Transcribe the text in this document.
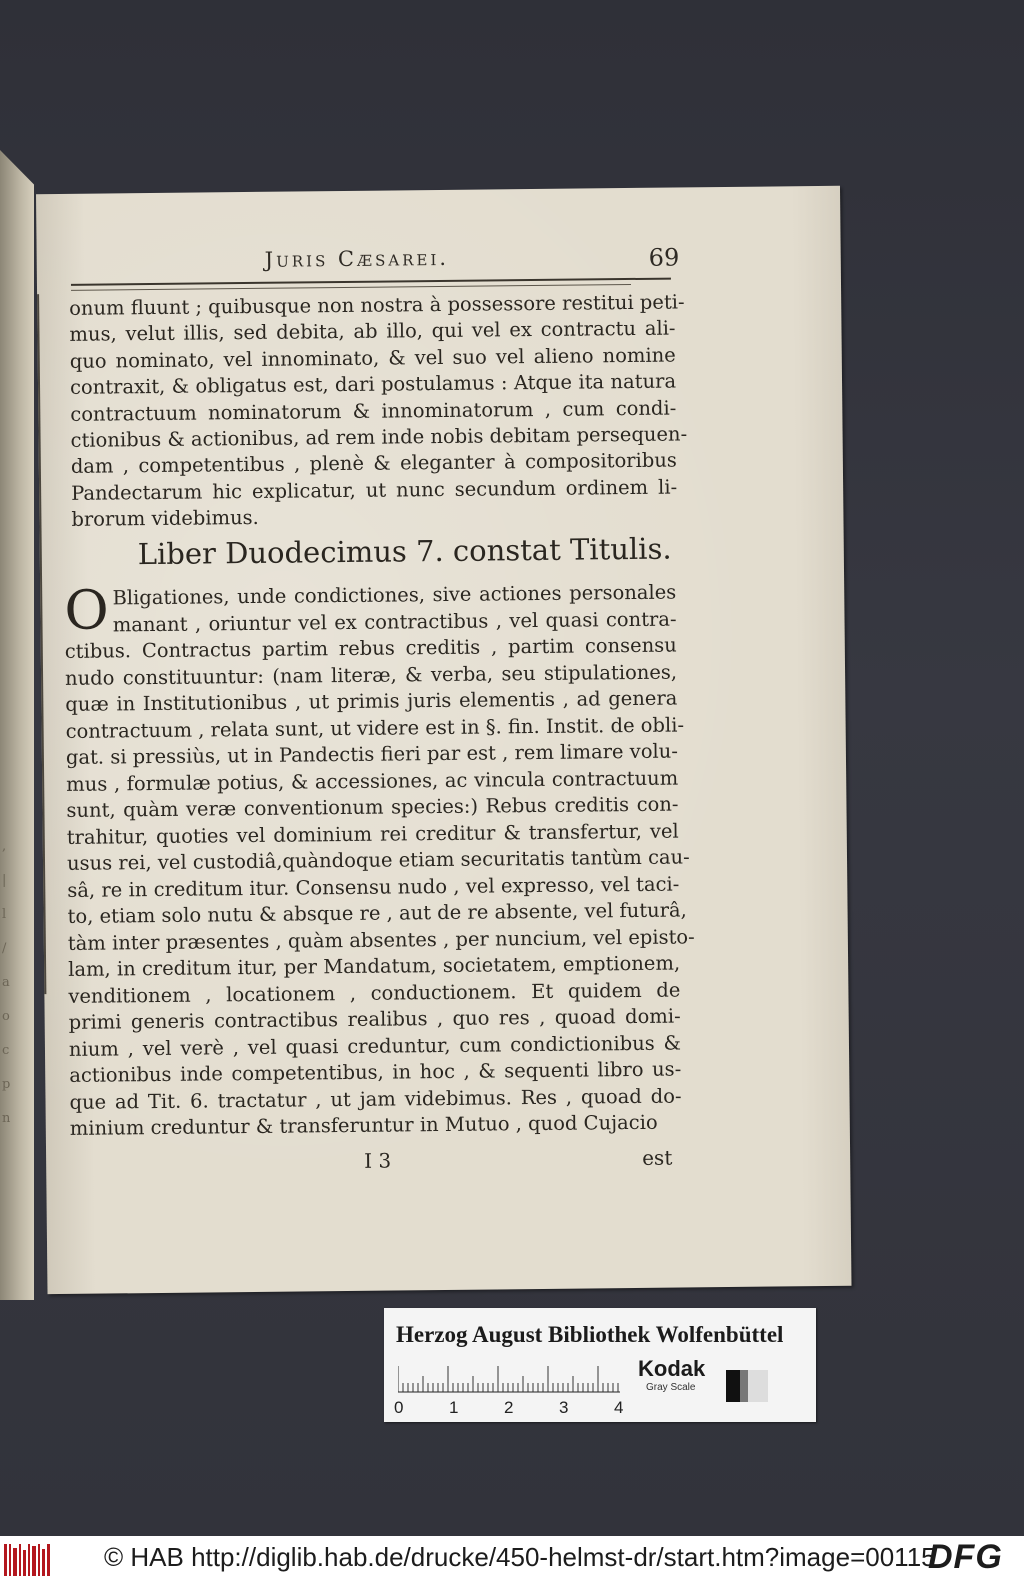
,
|
l
/
a
o
c
p
n
Juris Cæsarei.	69
onum fluunt ; quibusque non nostra à possessore restitui peti-
mus, velut illis, sed debita, ab illo, qui vel ex contractu ali-
quo nominato, vel innominato, & vel suo vel alieno nomine
contraxit, & obligatus est, dari postulamus : Atque ita natura
contractuum nominatorum & innominatorum , cum condi-
ctionibus & actionibus, ad rem inde nobis debitam persequen-
dam , competentibus , plenè & eleganter à compositoribus
Pandectarum hic explicatur, ut nunc secundum ordinem li-
brorum videbimus.
Liber Duodecimus 7. constat Titulis.
O Bligationes, unde condictiones, sive actiones personales
manant , oriuntur vel ex contractibus , vel quasi contra-
ctibus. Contractus partim rebus creditis , partim consensu
nudo constituuntur: (nam literæ, & verba, seu stipulationes,
quæ in Institutionibus , ut primis juris elementis , ad genera
contractuum , relata sunt, ut videre est in §. fin. Instit. de obli-
gat. si pressiùs, ut in Pandectis fieri par est , rem limare volu-
mus , formulæ potius, & accessiones, ac vincula contractuum
sunt, quàm veræ conventionum species:) Rebus creditis con-
trahitur, quoties vel dominium rei creditur & transfertur, vel
usus rei, vel custodiâ,quàndoque etiam securitatis tantùm cau-
sâ, re in creditum itur. Consensu nudo , vel expresso, vel taci-
to, etiam solo nutu & absque re , aut de re absente, vel futurâ,
tàm inter præsentes , quàm absentes , per nuncium, vel episto-
lam, in creditum itur, per Mandatum, societatem, emptionem,
venditionem , locationem , conductionem. Et quidem de
primi generis contractibus realibus , quo res , quoad domi-
nium , vel verè , vel quasi creduntur, cum condictionibus &
actionibus inde competentibus, in hoc , & sequenti libro us-
que ad Tit. 6. tractatur , ut jam videbimus. Res , quoad do-
minium creduntur & transferuntur in Mutuo , quod Cujacio
I 3	est
Herzog August Bibliothek Wolfenbüttel
0	1	2	3	4
Kodak
Gray Scale
© HAB http://diglib.hab.de/drucke/450-helmst-dr/start.htm?image=00115
DFG
